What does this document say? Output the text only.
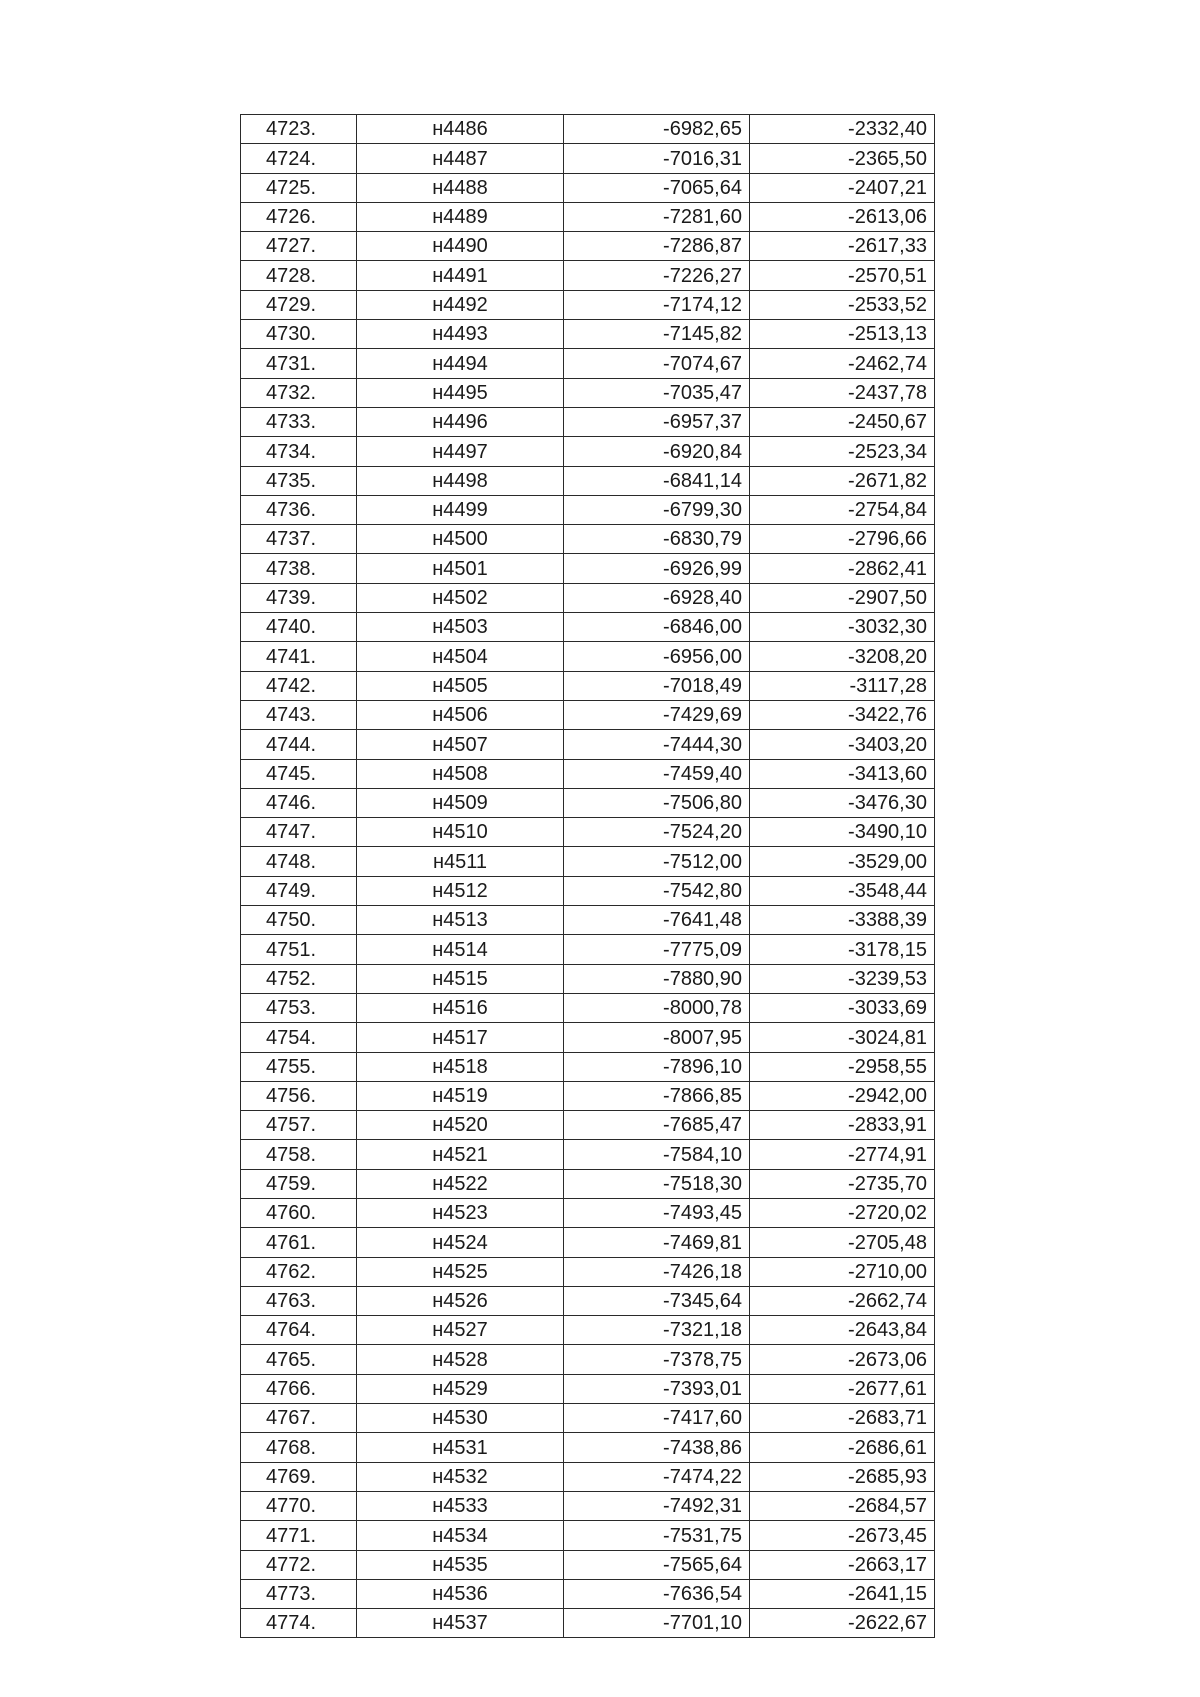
4723.	н4486	-6982,65	-2332,40
4724.	н4487	-7016,31	-2365,50
4725.	н4488	-7065,64	-2407,21
4726.	н4489	-7281,60	-2613,06
4727.	н4490	-7286,87	-2617,33
4728.	н4491	-7226,27	-2570,51
4729.	н4492	-7174,12	-2533,52
4730.	н4493	-7145,82	-2513,13
4731.	н4494	-7074,67	-2462,74
4732.	н4495	-7035,47	-2437,78
4733.	н4496	-6957,37	-2450,67
4734.	н4497	-6920,84	-2523,34
4735.	н4498	-6841,14	-2671,82
4736.	н4499	-6799,30	-2754,84
4737.	н4500	-6830,79	-2796,66
4738.	н4501	-6926,99	-2862,41
4739.	н4502	-6928,40	-2907,50
4740.	н4503	-6846,00	-3032,30
4741.	н4504	-6956,00	-3208,20
4742.	н4505	-7018,49	-3117,28
4743.	н4506	-7429,69	-3422,76
4744.	н4507	-7444,30	-3403,20
4745.	н4508	-7459,40	-3413,60
4746.	н4509	-7506,80	-3476,30
4747.	н4510	-7524,20	-3490,10
4748.	н4511	-7512,00	-3529,00
4749.	н4512	-7542,80	-3548,44
4750.	н4513	-7641,48	-3388,39
4751.	н4514	-7775,09	-3178,15
4752.	н4515	-7880,90	-3239,53
4753.	н4516	-8000,78	-3033,69
4754.	н4517	-8007,95	-3024,81
4755.	н4518	-7896,10	-2958,55
4756.	н4519	-7866,85	-2942,00
4757.	н4520	-7685,47	-2833,91
4758.	н4521	-7584,10	-2774,91
4759.	н4522	-7518,30	-2735,70
4760.	н4523	-7493,45	-2720,02
4761.	н4524	-7469,81	-2705,48
4762.	н4525	-7426,18	-2710,00
4763.	н4526	-7345,64	-2662,74
4764.	н4527	-7321,18	-2643,84
4765.	н4528	-7378,75	-2673,06
4766.	н4529	-7393,01	-2677,61
4767.	н4530	-7417,60	-2683,71
4768.	н4531	-7438,86	-2686,61
4769.	н4532	-7474,22	-2685,93
4770.	н4533	-7492,31	-2684,57
4771.	н4534	-7531,75	-2673,45
4772.	н4535	-7565,64	-2663,17
4773.	н4536	-7636,54	-2641,15
4774.	н4537	-7701,10	-2622,67
